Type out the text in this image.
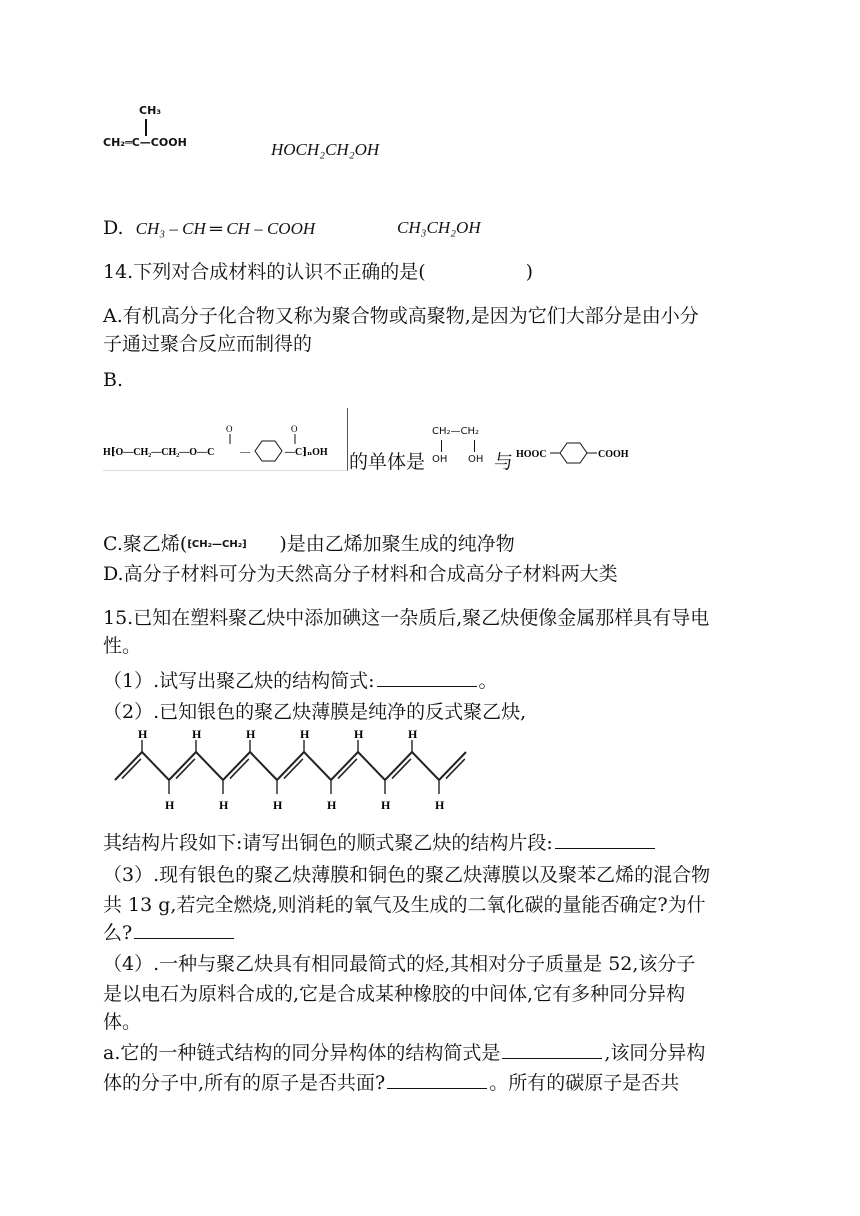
CH₃
CH₂═C—COOH	HOCH₂CH₂OH
D. CH₃ – CH ═ CH – COOH	CH₃CH₂OH
14.下列对合成材料的认识不正确的是(	)
A.有机高分子化合物又称为聚合物或高聚物,是因为它们大部分是由小分
子通过聚合反应而制得的
B.
H⁅O—CH₂—CH₂—O—C
O
—	—C⁆ₙOH
O
的单体是
CH₂—CH₂
OH OH 与 HOOC	COOH
C.聚乙烯(⁅CH₂—CH₂⁆ )是由乙烯加聚生成的纯净物
D.高分子材料可分为天然高分子材料和合成高分子材料两大类
15.已知在塑料聚乙炔中添加碘这一杂质后,聚乙炔便像金属那样具有导电
性。
（1）.试写出聚乙炔的结构简式:	。
（2）.已知银色的聚乙炔薄膜是纯净的反式聚乙炔,
H
H
H
H
H
H
H
H
H
H
H
H
其结构片段如下:请写出铜色的顺式聚乙炔的结构片段:
（3）.现有银色的聚乙炔薄膜和铜色的聚乙炔薄膜以及聚苯乙烯的混合物
共 13 g,若完全燃烧,则消耗的氧气及生成的二氧化碳的量能否确定?为什
么?
（4）.一种与聚乙炔具有相同最简式的烃,其相对分子质量是 52,该分子
是以电石为原料合成的,它是合成某种橡胶的中间体,它有多种同分异构
体。
a.它的一种链式结构的同分异构体的结构简式是	,该同分异构
体的分子中,所有的原子是否共面?	。所有的碳原子是否共
